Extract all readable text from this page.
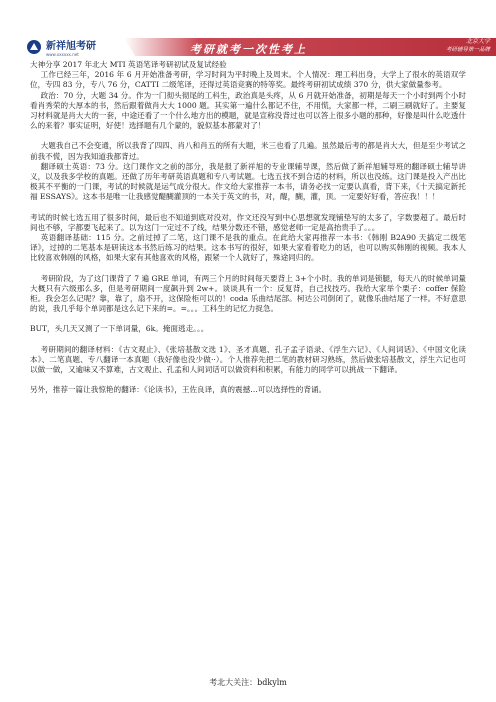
新祥旭考研
www.xxxxxx.net	考研就考一次性考上
北京大学
考研辅导第一品牌

大神分享 2017 年北大 MTI 英语笔译考研初试及复试经验

工作已经三年，2016 年 6 月开始准备考研，学习时间为平时晚上及周末。个人情况：理工科出身，大学上了很水的英语双学位，专四 83 分，专八 76 分，CATTI 二级笔译，还得过英语竞赛的特等奖。最终考研初试成绩 370 分，供大家做量参考。

政治：70 分，大题 34 分。作为一门彻头彻尾的工科生，政治真是头疼，从 6 月就开始准备，初期是每天一个小时到两个小时看肖秀荣的大厚本的书，然后跟着做肖大大 1000 题。其实第一遍什么都记不住，不用慌，大家都一样，二刷三刷就好了。主要复习材料就是肖大大的一套，中途还看了一个什么地方出的模题，就是宣称没背过也可以答上很多小题的那种，好像是叫什么吃透什么的来着？事实证明，好使！选择题有几个蒙的，貌似基本都蒙对了！

大题我自己不会变通，所以我背了四四、肖八和肖五的所有大题，米三也看了几遍。虽然最后考的都是肖大大，但是至少考试之前我不慌，因为我知道我都背过。

翻译硕士英语：73 分。这门课作文之前的部分，我是报了新祥旭的专业课辅导课，然后做了新祥旭辅导班的翻译硕士辅导讲义，以及我多学校的真题。还做了历年考研英语真题和专八考试题。七选五找不到合适的材料，所以也没练。这门课是投入产出比极其不平衡的一门课，考试的时候就是运气成分很大。作文给大家推荐一本书，请务必找一定要认真看，背下来，《十天搞定新托福 ESSAYS》。这本书是唯一让我感觉醍醐灌顶的一本关于英文的书，对，醍，醐，灌，顶。一定要好好看，答应我！！！

考试的时候七选五用了很多时间，最后也不知道到底对没对，作文还没写到中心思想就发现铺垫写的太多了，字数要超了。最后时间也不够，字都要飞起来了。以为这门一定过不了线，结果分数还不错，感觉老师一定是高抬贵手了。。。

英语翻译基础：115 分。之前过掉了二笔，这门课不是我的重点。在此给大家再推荐一本书：《韩刚 B2A90 天搞定二级笔译》，过掉的二笔基本是研读这本书然后练习的结果。这本书写的很好，如果大家看着吃力的话，也可以购买韩刚的视频。我本人比较喜欢韩刚的风格，如果大家有其他喜欢的风格，跟紧一个人就好了，殊途同归的。

考研阶段，为了这门课背了 7 遍 GRE 单词，有两三个月的时间每天要背上 3+个小时。我的单词是锁腿，每天八的时候单词量大概只有六级那么多，但是考研期间一度飙升到 2w+。谈谈具有一个：反复背，自己找技巧。我给大家举个栗子：coffer 保险柜。我会怎么记呢？靠，靠了，扇不开，这保险柜可以的！coda 乐曲结尾部。柯达公司倒闭了，就像乐曲结尾了一样。不好意思的说，我几乎每个单词都是这么记下来的=。=。。。工科生的记忆力捉急。

BUT，头几天又测了一下单词量，6k。掩面逃走。。。

考研期间的翻译材料：《古文观止》、《张培基散文选 1》、圣才真题、孔子孟子语录、《浮生六记》、《人间词话》、《中国文化读本》、二笔真题、专八翻译一本真题（我好像也没少做··）。个人推荐先把二笔的教材研习熟练，然后做张培基散文，浮生六记也可以做一做，又逾味又不算难，古文观止、孔孟和人间词话可以做资料和积累，有能力的同学可以挑战一下翻译。

另外，推荐一篇让我惊艳的翻译：《论读书》，王佐良译，真的震撼…可以选择性的背诵。

考北大关注：bdkylm
